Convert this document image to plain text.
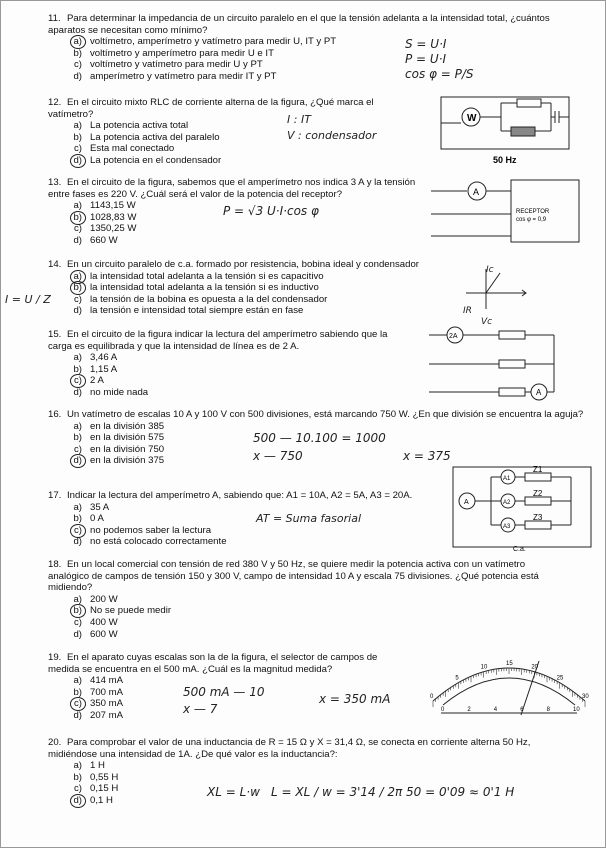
11. Para determinar la impedancia de un circuito paralelo en el que la tensión adelanta a la intensidad total, ¿cuántos aparatos se necesitan como mínimo?
a) voltímetro, amperímetro y vatímetro para medir U, IT y PT
b) voltímetro y amperímetro para medir U e IT
c) voltímetro y vatímetro para medir U y PT
d) amperímetro y vatímetro para medir IT y PT
12. En el circuito mixto RLC de corriente alterna de la figura, ¿Qué marca el vatímetro?
a) La potencia activa total
b) La potencia activa del paralelo
c) Esta mal conectado
d) La potencia en el condensador
13. En el circuito de la figura, sabemos que el amperímetro nos indica 3 A y la tensión entre fases es 220 V. ¿Cuál será el valor de la potencia del receptor?
a) 1143,15 W
b) 1028,83 W
c) 1350,25 W
d) 660 W
14. En un circuito paralelo de c.a. formado por resistencia, bobina ideal y condensador
a) la intensidad total adelanta a la tensión si es capacitivo
b) la intensidad total adelanta a la tensión si es inductivo
c) la tensión de la bobina es opuesta a la del condensador
d) la tensión e intensidad total siempre están en fase
15. En el circuito de la figura indicar la lectura del amperímetro sabiendo que la carga es equilibrada y que la intensidad de línea es de 2 A.
a) 3,46 A
b) 1,15 A
c) 2 A
d) no mide nada
16. Un vatímetro de escalas 10 A y 100 V con 500 divisiones, está marcando 750 W. ¿En que división se encuentra la aguja?
a) en la división 385
b) en la división 575
c) en la división 750
d) en la división 375
17. Indicar la lectura del amperímetro A, sabiendo que: A1 = 10A, A2 = 5A, A3 = 20A.
a) 35 A
b) 0 A
c) no podemos saber la lectura
d) no está colocado correctamente
18. En un local comercial con tensión de red 380 V y 50 Hz, se quiere medir la potencia activa con un vatímetro analógico de campos de tensión 150 y 300 V, campo de intensidad 10 A y escala 75 divisiones. ¿Qué potencia está midiendo?
a) 200 W
b) No se puede medir
c) 400 W
d) 600 W
19. En el aparato cuyas escalas son la de la figura, el selector de campos de medida se encuentra en el 500 mA. ¿Cuál es la magnitud medida?
a) 414 mA
b) 700 mA
c) 350 mA
d) 207 mA
20. Para comprobar el valor de una inductancia de R = 15 Ω y X = 31,4 Ω, se conecta en corriente alterna 50 Hz, midiéndose una intensidad de 1A. ¿De qué valor es la inductancia?:
a) 1 H
b) 0,55 H
c) 0,15 H
d) 0,1 H
S = U·I
P = U·I
cos φ = P/S
I : IT
V : condensador
P = √3 U·I·cos φ
I = U / Z
Ic
IR
Vc
500 — 10.100 = 1000
x — 750	x = 375
AT = Suma fasorial
500 mA — 10
x — 7
x = 350 mA
XL = L·w L = XL / w = 3'14 / 2π 50 = 0'09 ≈ 0'1 H
W
50 Hz
A
RECEPTOR
cos φ = 0,9
2A
A
A
A1
A2
A3
Z1
Z2
Z3
C.a.
0
5
10
15
20
25
30
0	2	4	6	8	10
